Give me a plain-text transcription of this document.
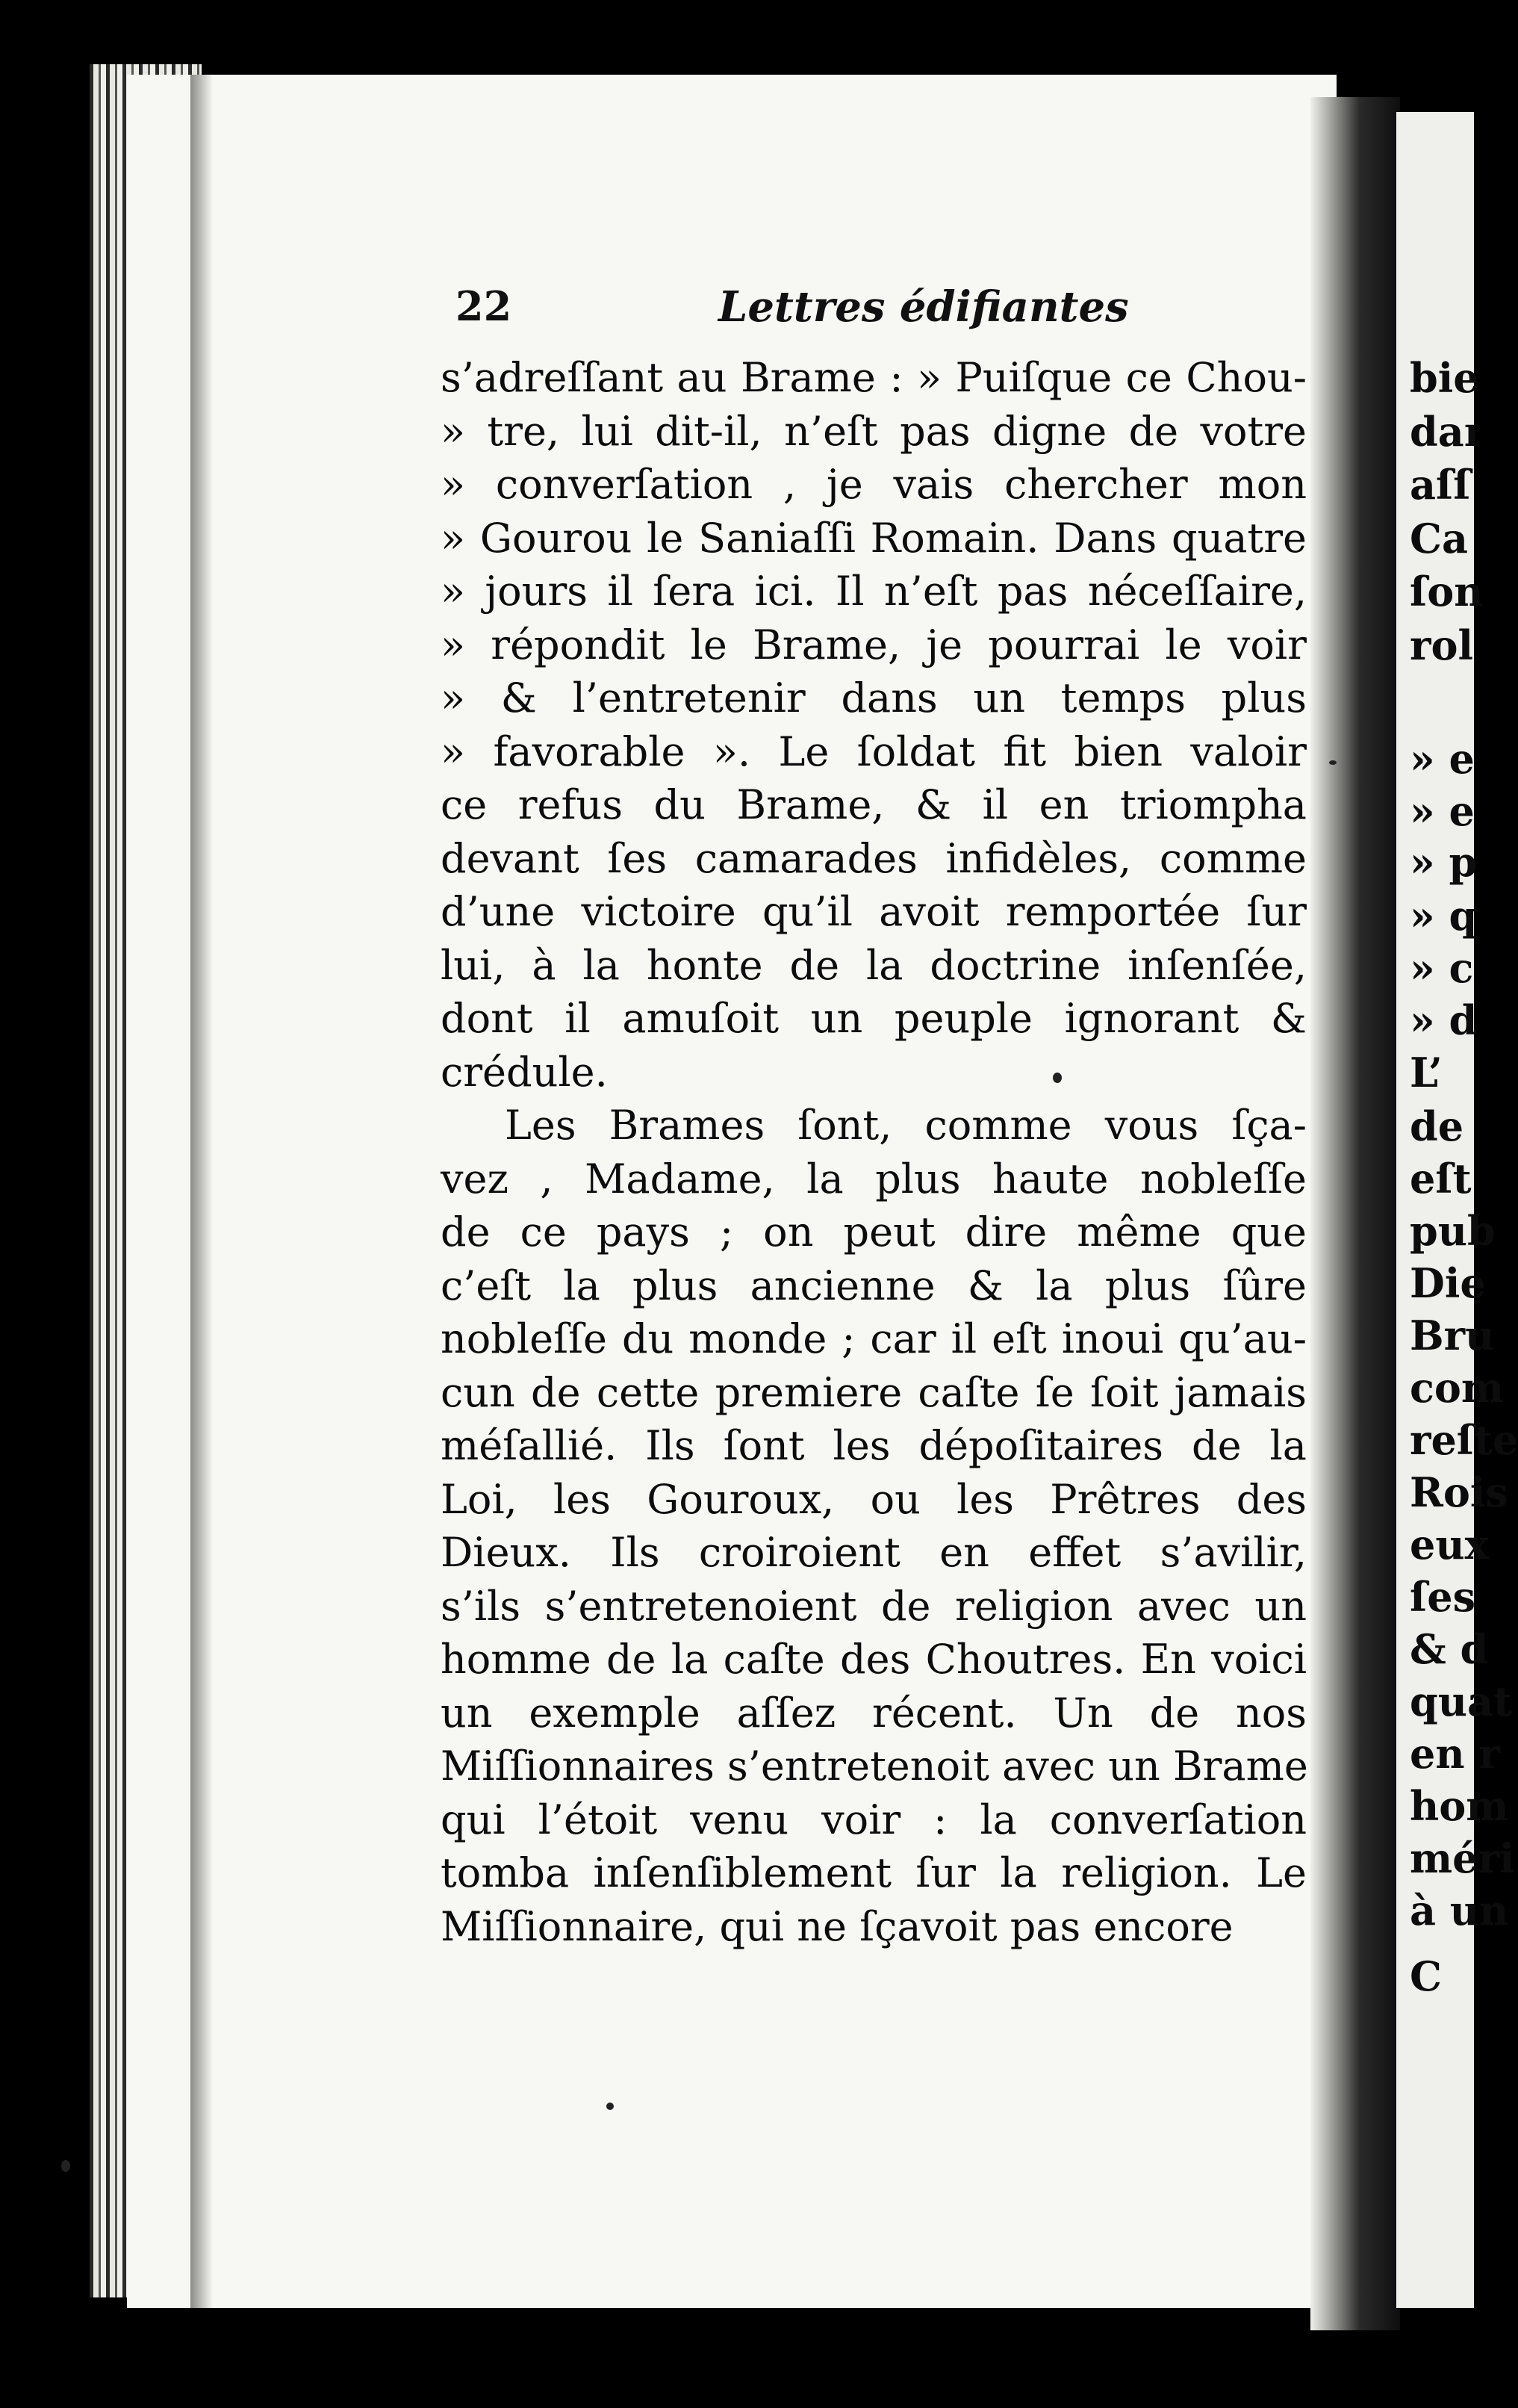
bie
daı
aſſ
Ca
ſon
rol
» e
» e
» p
» q
» c
» d
L’
de
eſt
pub
Die
Bru
com
reſte
Rois
eux
ſes
& d
quat
en r
hom
méri
à un
C
22	Lettres édifiantes
s’adreſſant au Brame : » Puiſque ce Chou-
» tre, lui dit-il, n’eſt pas digne de votre
» converſation , je vais chercher mon
» Gourou le Saniaſſi Romain. Dans quatre
» jours il ſera ici. Il n’eſt pas néceſſaire,
» répondit le Brame, je pourrai le voir
» & l’entretenir dans un temps plus
» favorable ». Le ſoldat fit bien valoir
ce refus du Brame, & il en triompha
devant ſes camarades infidèles, comme
d’une victoire qu’il avoit remportée ſur
lui, à la honte de la doctrine inſenſée,
dont il amuſoit un peuple ignorant &
crédule.
Les Brames ſont, comme vous ſça-
vez , Madame, la plus haute nobleſſe
de ce pays ; on peut dire même que
c’eſt la plus ancienne & la plus ſûre
nobleſſe du monde ; car il eſt inoui qu’au-
cun de cette premiere caſte ſe ſoit jamais
méſallié. Ils ſont les dépoſitaires de la
Loi, les Gouroux, ou les Prêtres des
Dieux. Ils croiroient en effet s’avilir,
s’ils s’entretenoient de religion avec un
homme de la caſte des Choutres. En voici
un exemple aſſez récent. Un de nos
Miſſionnaires s’entretenoit avec un Brame
qui l’étoit venu voir : la converſation
tomba inſenſiblement ſur la religion. Le
Miſſionnaire, qui ne ſçavoit pas encore
